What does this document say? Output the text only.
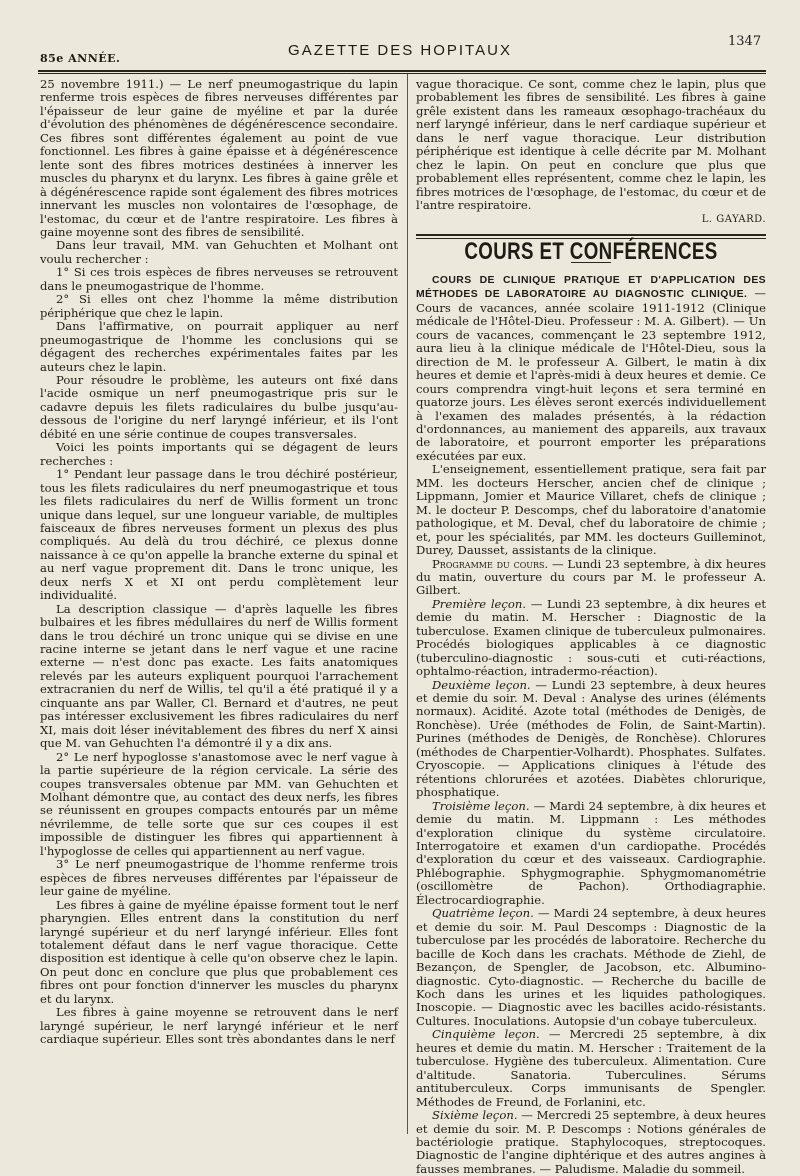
85e ANNÉE.	GAZETTE DES HOPITAUX
1347

25 novembre 1911.) — Le nerf pneumogastrique du lapin renferme trois espèces de fibres nerveuses différentes par l'épaisseur de leur gaine de myéline et par la durée d'évolution des phénomènes de dégénérescence secondaire. Ces fibres sont différentes également au point de vue fonctionnel. Les fibres à gaine épaisse et à dégénérescence lente sont des fibres motrices destinées à innerver les muscles du pharynx et du larynx. Les fibres à gaine grêle et à dégénérescence rapide sont également des fibres motrices innervant les muscles non volontaires de l'œsophage, de l'estomac, du cœur et de l'antre respiratoire. Les fibres à gaine moyenne sont des fibres de sensibilité.

Dans leur travail, MM. van Gehuchten et Molhant ont voulu rechercher :

1° Si ces trois espèces de fibres nerveuses se retrouvent dans le pneumogastrique de l'homme.

2° Si elles ont chez l'homme la même distribution périphérique que chez le lapin.

Dans l'affirmative, on pourrait appliquer au nerf pneumogastrique de l'homme les conclusions qui se dégagent des recherches expérimentales faites par les auteurs chez le lapin.

Pour résoudre le problème, les auteurs ont fixé dans l'acide osmique un nerf pneumogastrique pris sur le cadavre depuis les filets radiculaires du bulbe jusqu'au-dessous de l'origine du nerf laryngé inférieur, et ils l'ont débité en une série continue de coupes transversales.

Voici les points importants qui se dégagent de leurs recherches :

1° Pendant leur passage dans le trou déchiré postérieur, tous les filets radiculaires du nerf pneumogastrique et tous les filets radiculaires du nerf de Willis forment un tronc unique dans lequel, sur une longueur variable, de multiples faisceaux de fibres nerveuses forment un plexus des plus compliqués. Au delà du trou déchiré, ce plexus donne naissance à ce qu'on appelle la branche externe du spinal et au nerf vague proprement dit. Dans le tronc unique, les deux nerfs X et XI ont perdu complètement leur individualité.

La description classique — d'après laquelle les fibres bulbaires et les fibres médullaires du nerf de Willis forment dans le trou déchiré un tronc unique qui se divise en une racine interne se jetant dans le nerf vague et une racine externe — n'est donc pas exacte. Les faits anatomiques relevés par les auteurs expliquent pourquoi l'arrachement extracranien du nerf de Willis, tel qu'il a été pratiqué il y a cinquante ans par Waller, Cl. Bernard et d'autres, ne peut pas intéresser exclusivement les fibres radiculaires du nerf XI, mais doit léser inévitablement des fibres du nerf X ainsi que M. van Gehuchten l'a démontré il y a dix ans.

2° Le nerf hypoglosse s'anastomose avec le nerf vague à la partie supérieure de la région cervicale. La série des coupes transversales obtenue par MM. van Gehuchten et Molhant démontre que, au contact des deux nerfs, les fibres se réunissent en groupes compacts entourés par un même névrilemme, de telle sorte que sur ces coupes il est impossible de distinguer les fibres qui appartiennent à l'hypoglosse de celles qui appartiennent au nerf vague.

3° Le nerf pneumogastrique de l'homme renferme trois espèces de fibres nerveuses différentes par l'épaisseur de leur gaine de myéline.

Les fibres à gaine de myéline épaisse forment tout le nerf pharyngien. Elles entrent dans la constitution du nerf laryngé supérieur et du nerf laryngé inférieur. Elles font totalement défaut dans le nerf vague thoracique. Cette disposition est identique à celle qu'on observe chez le lapin. On peut donc en conclure que plus que probablement ces fibres ont pour fonction d'innerver les muscles du pharynx et du larynx.

Les fibres à gaine moyenne se retrouvent dans le nerf laryngé supérieur, le nerf laryngé inférieur et le nerf cardiaque supérieur. Elles sont très abondantes dans le nerf

vague thoracique. Ce sont, comme chez le lapin, plus que probablement les fibres de sensibilité. Les fibres à gaine grêle existent dans les rameaux œsophago-trachéaux du nerf laryngé inférieur, dans le nerf cardiaque supérieur et dans le nerf vague thoracique. Leur distribution périphérique est identique à celle décrite par M. Molhant chez le lapin. On peut en conclure que plus que probablement elles représentent, comme chez le lapin, les fibres motrices de l'œsophage, de l'estomac, du cœur et de l'antre respiratoire.

L. GAYARD.
COURS ET CONFÉRENCES

COURS DE CLINIQUE PRATIQUE ET D'APPLICATION DES MÉTHODES DE LABORATOIRE AU DIAGNOSTIC CLINIQUE. — Cours de vacances, année scolaire 1911-1912 (Clinique médicale de l'Hôtel-Dieu. Professeur : M. A. Gilbert). — Un cours de vacances, commençant le 23 septembre 1912, aura lieu à la clinique médicale de l'Hôtel-Dieu, sous la direction de M. le professeur A. Gilbert, le matin à dix heures et demie et l'après-midi à deux heures et demie. Ce cours comprendra vingt-huit leçons et sera terminé en quatorze jours. Les élèves seront exercés individuellement à l'examen des malades présentés, à la rédaction d'ordonnances, au maniement des appareils, aux travaux de laboratoire, et pourront emporter les préparations exécutées par eux.

L'enseignement, essentiellement pratique, sera fait par MM. les docteurs Herscher, ancien chef de clinique ; Lippmann, Jomier et Maurice Villaret, chefs de clinique ; M. le docteur P. Descomps, chef du laboratoire d'anatomie pathologique, et M. Deval, chef du laboratoire de chimie ; et, pour les spécialités, par MM. les docteurs Guilleminot, Durey, Dausset, assistants de la clinique.

Programme du cours. — Lundi 23 septembre, à dix heures du matin, ouverture du cours par M. le professeur A. Gilbert.

Première leçon. — Lundi 23 septembre, à dix heures et demie du matin. M. Herscher : Diagnostic de la tuberculose. Examen clinique de tuberculeux pulmonaires. Procédés biologiques applicables à ce diagnostic (tuberculino-diagnostic : sous-cuti et cuti-réactions, ophtalmo-réaction, intradermo-réaction).

Deuxième leçon. — Lundi 23 septembre, à deux heures et demie du soir. M. Deval : Analyse des urines (éléments normaux). Acidité. Azote total (méthodes de Denigès, de Ronchèse). Urée (méthodes de Folin, de Saint-Martin). Purines (méthodes de Denigès, de Ronchèse). Chlorures (méthodes de Charpentier-Volhardt). Phosphates. Sulfates. Cryoscopie. — Applications cliniques à l'étude des rétentions chlorurées et azotées. Diabètes chlorurique, phosphatique.

Troisième leçon. — Mardi 24 septembre, à dix heures et demie du matin. M. Lippmann : Les méthodes d'exploration clinique du système circulatoire. Interrogatoire et examen d'un cardiopathe. Procédés d'exploration du cœur et des vaisseaux. Cardiographie. Phlébographie. Sphygmographie. Sphygmomanométrie (oscillomètre de Pachon). Orthodiagraphie. Électrocardiographie.

Quatrième leçon. — Mardi 24 septembre, à deux heures et demie du soir. M. Paul Descomps : Diagnostic de la tuberculose par les procédés de laboratoire. Recherche du bacille de Koch dans les crachats. Méthode de Ziehl, de Bezançon, de Spengler, de Jacobson, etc. Albumino-diagnostic. Cyto-diagnostic. — Recherche du bacille de Koch dans les urines et les liquides pathologiques. Inoscopie. — Diagnostic avec les bacilles acido-résistants. Cultures. Inoculations. Autopsie d'un cobaye tuberculeux.

Cinquième leçon. — Mercredi 25 septembre, à dix heures et demie du matin. M. Herscher : Traitement de la tuberculose. Hygiène des tuberculeux. Alimentation. Cure d'altitude. Sanatoria. Tuberculines. Sérums antituberculeux. Corps immunisants de Spengler. Méthodes de Freund, de Forlanini, etc.

Sixième leçon. — Mercredi 25 septembre, à deux heures et demie du soir. M. P. Descomps : Notions générales de bactériologie pratique. Staphylocoques, streptocoques. Diagnostic de l'angine diphtérique et des autres angines à fausses membranes. — Paludisme. Maladie du sommeil.
